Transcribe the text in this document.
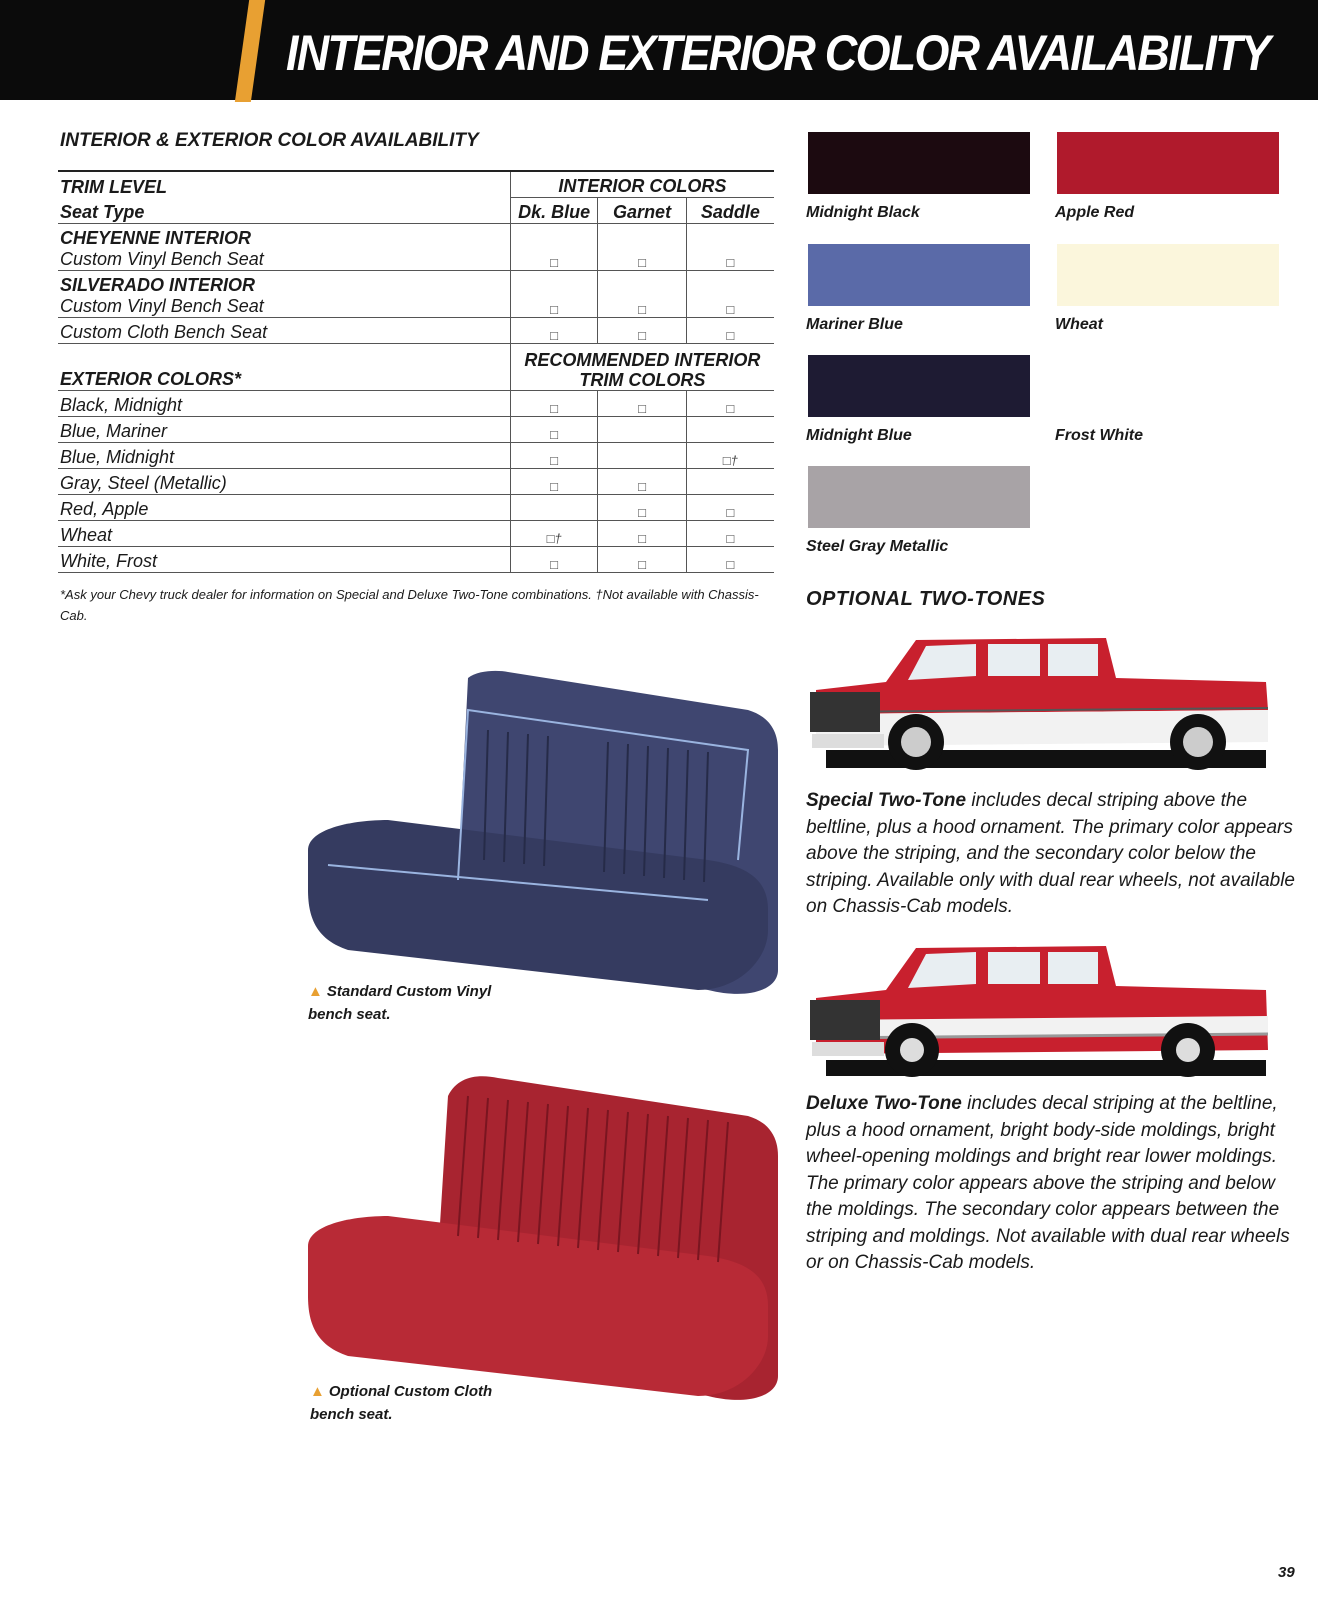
INTERIOR AND EXTERIOR COLOR AVAILABILITY
INTERIOR & EXTERIOR COLOR AVAILABILITY
TRIM LEVEL	INTERIOR COLORS		
Seat Type	Dk. Blue	Garnet	Saddle

CHEYENNE INTERIOR
Custom Vinyl Bench Seat	□	□	□

SILVERADO INTERIOR
Custom Vinyl Bench Seat	□	□	□
Custom Cloth Bench Seat	□	□	□
EXTERIOR COLORS*	RECOMMENDED INTERIOR
TRIM COLORS		

Black, Midnight	□	□	□
Blue, Mariner	□		
Blue, Midnight	□		□†
Gray, Steel (Metallic)	□	□	
Red, Apple		□	□
Wheat	□†	□	□
White, Frost	□	□	□
*Ask your Chevy truck dealer for information on Special and Deluxe Two-Tone combinations. †Not available with Chassis-Cab.
Midnight Black	Apple Red
Mariner Blue	Wheat
Midnight Blue	Frost White
Steel Gray Metallic
OPTIONAL TWO-TONES
Special Two-Tone includes decal striping above the beltline, plus a hood ornament. The primary color appears above the striping, and the secondary color below the striping. Available only with dual rear wheels, not available on Chassis-Cab models.
Deluxe Two-Tone includes decal striping at the beltline, plus a hood ornament, bright body-side moldings, bright wheel-opening moldings and bright rear lower moldings. The primary color appears above the striping and below the moldings. The secondary color appears between the striping and moldings. Not available with dual rear wheels or on Chassis-Cab models.
▲ Standard Custom Vinyl
bench seat.
▲ Optional Custom Cloth
bench seat.
39
